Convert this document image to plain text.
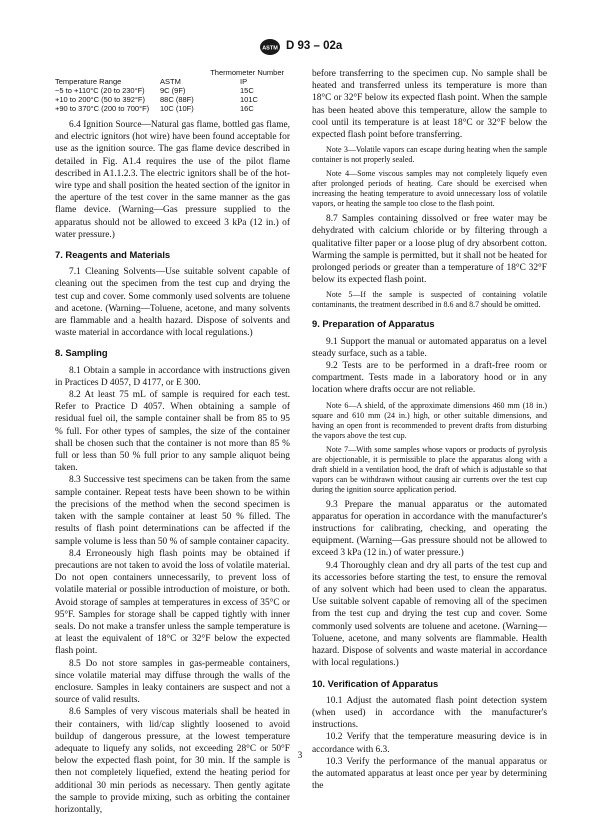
ASTM D 93 – 02a
Thermometer Number
Temperature Range	ASTM	IP
−5 to +110°C (20 to 230°F)	9C (9F)	15C
+10 to 200°C (50 to 392°F)	88C (88F)	101C
+90 to 370°C (200 to 700°F)	10C (10F)	16C

6.4 Ignition Source—Natural gas flame, bottled gas flame, and electric ignitors (hot wire) have been found acceptable for use as the ignition source. The gas flame device described in detailed in Fig. A1.4 requires the use of the pilot flame described in A1.1.2.3. The electric ignitors shall be of the hot-wire type and shall position the heated section of the ignitor in the aperture of the test cover in the same manner as the gas flame device. (Warning—Gas pressure supplied to the apparatus should not be allowed to exceed 3 kPa (12 in.) of water pressure.)

7. Reagents and Materials

7.1 Cleaning Solvents—Use suitable solvent capable of cleaning out the specimen from the test cup and drying the test cup and cover. Some commonly used solvents are toluene and acetone. (Warning—Toluene, acetone, and many solvents are flammable and a health hazard. Dispose of solvents and waste material in accordance with local regulations.)

8. Sampling

8.1 Obtain a sample in accordance with instructions given in Practices D 4057, D 4177, or E 300.

8.2 At least 75 mL of sample is required for each test. Refer to Practice D 4057. When obtaining a sample of residual fuel oil, the sample container shall be from 85 to 95 % full. For other types of samples, the size of the container shall be chosen such that the container is not more than 85 % full or less than 50 % full prior to any sample aliquot being taken.

8.3 Successive test specimens can be taken from the same sample container. Repeat tests have been shown to be within the precisions of the method when the second specimen is taken with the sample container at least 50 % filled. The results of flash point determinations can be affected if the sample volume is less than 50 % of sample container capacity.

8.4 Erroneously high flash points may be obtained if precautions are not taken to avoid the loss of volatile material. Do not open containers unnecessarily, to prevent loss of volatile material or possible introduction of moisture, or both. Avoid storage of samples at temperatures in excess of 35°C or 95°F. Samples for storage shall be capped tightly with inner seals. Do not make a transfer unless the sample temperature is at least the equivalent of 18°C or 32°F below the expected flash point.

8.5 Do not store samples in gas-permeable containers, since volatile material may diffuse through the walls of the enclosure. Samples in leaky containers are suspect and not a source of valid results.

8.6 Samples of very viscous materials shall be heated in their containers, with lid/cap slightly loosened to avoid buildup of dangerous pressure, at the lowest temperature adequate to liquefy any solids, not exceeding 28°C or 50°F below the expected flash point, for 30 min. If the sample is then not completely liquefied, extend the heating period for additional 30 min periods as necessary. Then gently agitate the sample to provide mixing, such as orbiting the container horizontally,

before transferring to the specimen cup. No sample shall be heated and transferred unless its temperature is more than 18°C or 32°F below its expected flash point. When the sample has been heated above this temperature, allow the sample to cool until its temperature is at least 18°C or 32°F below the expected flash point before transferring.

Note 3—Volatile vapors can escape during heating when the sample container is not properly sealed.

Note 4—Some viscous samples may not completely liquefy even after prolonged periods of heating. Care should be exercised when increasing the heating temperature to avoid unnecessary loss of volatile vapors, or heating the sample too close to the flash point.

8.7 Samples containing dissolved or free water may be dehydrated with calcium chloride or by filtering through a qualitative filter paper or a loose plug of dry absorbent cotton. Warming the sample is permitted, but it shall not be heated for prolonged periods or greater than a temperature of 18°C 32°F below its expected flash point.

Note 5—If the sample is suspected of containing volatile contaminants, the treatment described in 8.6 and 8.7 should be omitted.

9. Preparation of Apparatus

9.1 Support the manual or automated apparatus on a level steady surface, such as a table.

9.2 Tests are to be performed in a draft-free room or compartment. Tests made in a laboratory hood or in any location where drafts occur are not reliable.

Note 6—A shield, of the approximate dimensions 460 mm (18 in.) square and 610 mm (24 in.) high, or other suitable dimensions, and having an open front is recommended to prevent drafts from disturbing the vapors above the test cup.

Note 7—With some samples whose vapors or products of pyrolysis are objectionable, it is permissible to place the apparatus along with a draft shield in a ventilation hood, the draft of which is adjustable so that vapors can be withdrawn without causing air currents over the test cup during the ignition source application period.

9.3 Prepare the manual apparatus or the automated apparatus for operation in accordance with the manufacturer's instructions for calibrating, checking, and operating the equipment. (Warning—Gas pressure should not be allowed to exceed 3 kPa (12 in.) of water pressure.)

9.4 Thoroughly clean and dry all parts of the test cup and its accessories before starting the test, to ensure the removal of any solvent which had been used to clean the apparatus. Use suitable solvent capable of removing all of the specimen from the test cup and drying the test cup and cover. Some commonly used solvents are toluene and acetone. (Warning—Toluene, acetone, and many solvents are flammable. Health hazard. Dispose of solvents and waste material in accordance with local regulations.)

10. Verification of Apparatus

10.1 Adjust the automated flash point detection system (when used) in accordance with the manufacturer's instructions.

10.2 Verify that the temperature measuring device is in accordance with 6.3.

10.3 Verify the performance of the manual apparatus or the automated apparatus at least once per year by determining the

3
